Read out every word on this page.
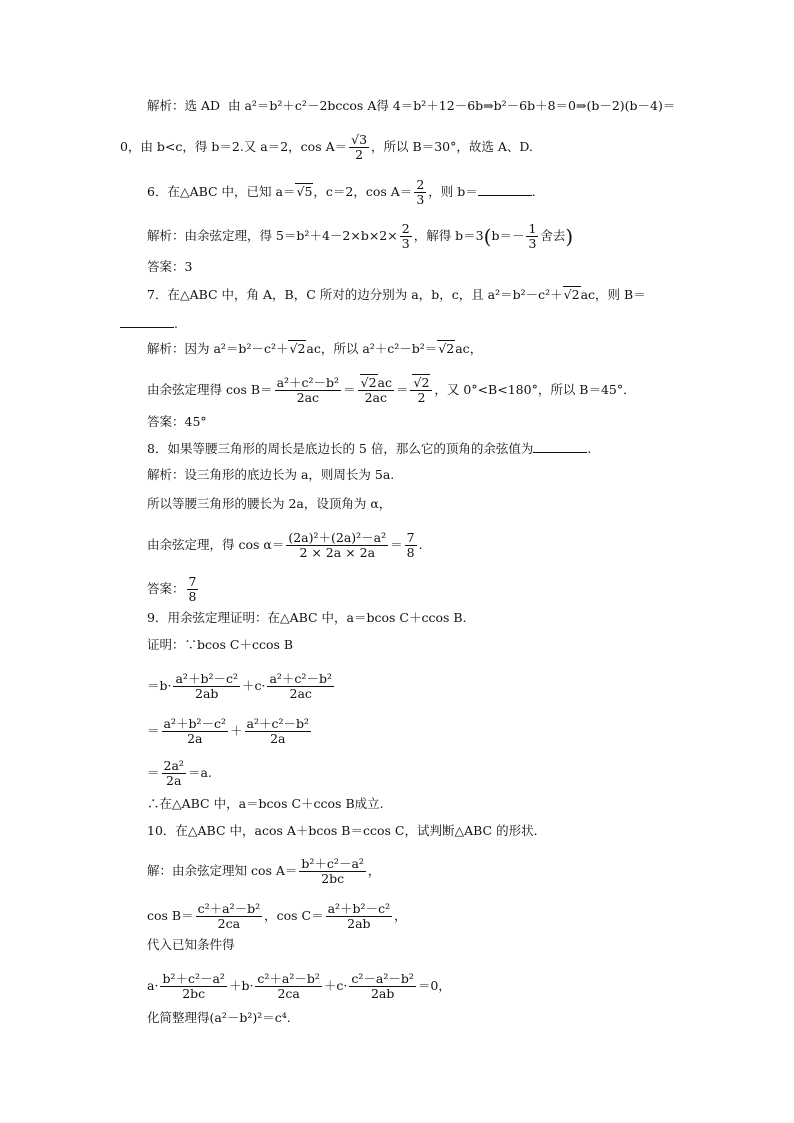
解析：选 AD 由 a²＝b²＋c²－2bccos A得 4＝b²＋12－6b⇒b²－6b＋8＝0⇒(b－2)(b－4)＝
0，由 b<c，得 b＝2.又 a＝2，$\cos A= \frac{√3}{2}$ ，所以 B＝30°，故选 A、D.
6．在△ABC 中，已知 a＝√5，c＝2，$\cos A= \frac{2}{3}$ ，则 b＝	.
解析：由余弦定理，得 $5=b^2+4-2\times b\times 2\times \frac{2}{3}$ ，解得 $b=3(b=- \frac{1}{3}$ 舍去)
答案：3
7．在△ABC 中，角 A，B，C 所对的边分别为 a，b，c，且 a²＝b²－c²＋√2ac，则 B＝
.
解析：因为 a²＝b²－c²＋√2ac，所以 a²＋c²－b²＝√2ac，
由余弦定理得 $\cos B= \frac{\text{a²＋c²－b²}}{2ac} = \frac{√2ac}{2ac} = \frac{√2}{2}$ ，又 0°<B<180°，所以 B＝45°．
答案：45°
8．如果等腰三角形的周长是底边长的 5 倍，那么它的顶角的余弦值为	.
解析：设三角形的底边长为 a，则周长为 5a.
所以等腰三角形的腰长为 2a，设顶角为 α，
由余弦定理，得 $\cos \alpha= \frac{\text{(2a)²＋(2a)²－a²}}{2 \times 2a \times 2a} = \frac{7}{8}$ .
答案： $\frac{7}{8}$
9．用余弦定理证明：在△ABC 中，a＝bcos C＋ccos B.
证明：∵bcos C＋ccos B
$=b\cdot \frac{\text{a²＋b²－c²}}{2ab} +c\cdot \frac{\text{a²＋c²－b²}}{2ac}$
＝ $\frac{\text{a²＋b²－c²}}{2a} + \frac{\text{a²＋c²－b²}}{2a}$
＝ $\frac{\text{2a²}}{2a} =a$.
∴在△ABC 中，a＝bcos C＋ccos B成立.
10．在△ABC 中，acos A＋bcos B＝ccos C，试判断△ABC 的形状．
解：由余弦定理知 $\cos A= \frac{\text{b²＋c²－a²}}{2bc}$ ，
$\cos B= \frac{\text{c²＋a²－b²}}{2ca}$ ，$\cos C= \frac{\text{a²＋b²－c²}}{2ab}$ ，
代入已知条件得
$a\cdot \frac{\text{b²＋c²－a²}}{2bc} +b\cdot \frac{\text{c²＋a²－b²}}{2ca} +c\cdot \frac{\text{c²－a²－b²}}{2ab} =0$，
化简整理得(a²－b²)²＝c⁴.
